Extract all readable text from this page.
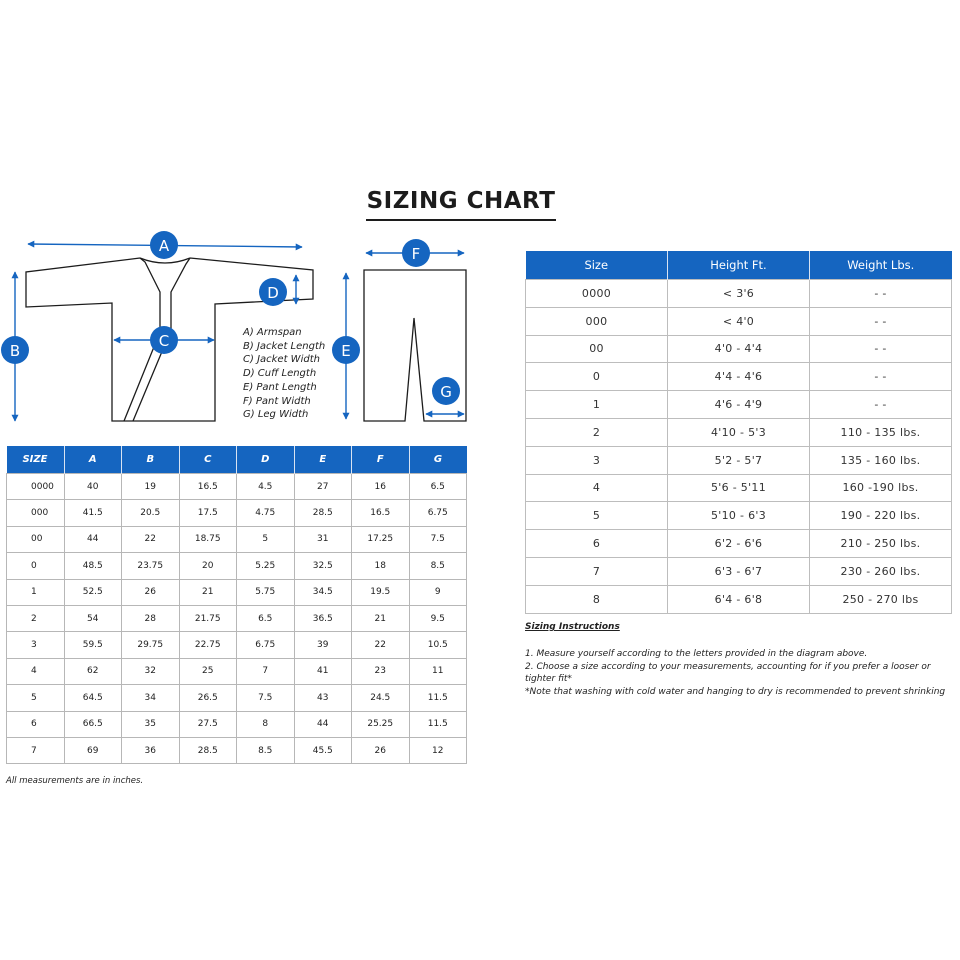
SIZING CHART
A
B
C
D
E
F
G
A) Armspan
B) Jacket Length
C) Jacket Width
D) Cuff Length
E) Pant Length
F) Pant Width
G) Leg Width
SIZE	A	B	C	D	E	F	G
0000	40	19	16.5	4.5	27	16	6.5
000	41.5	20.5	17.5	4.75	28.5	16.5	6.75
00	44	22	18.75	5	31	17.25	7.5
0	48.5	23.75	20	5.25	32.5	18	8.5
1	52.5	26	21	5.75	34.5	19.5	9
2	54	28	21.75	6.5	36.5	21	9.5
3	59.5	29.75	22.75	6.75	39	22	10.5
4	62	32	25	7	41	23	11
5	64.5	34	26.5	7.5	43	24.5	11.5
6	66.5	35	27.5	8	44	25.25	11.5
7	69	36	28.5	8.5	45.5	26	12
All measurements are in inches.
Size	Height Ft.	Weight Lbs.
0000	< 3'6	- -
000	< 4'0	- -
00	4'0 - 4'4	- -
0	4'4 - 4'6	- -
1	4'6 - 4'9	- -
2	4'10 - 5'3	110 - 135 lbs.
3	5'2 - 5'7	135 - 160 lbs.
4	5'6 - 5'11	160 -190 lbs.
5	5'10 - 6'3	190 - 220 lbs.
6	6'2 - 6'6	210 - 250 lbs.
7	6'3 - 6'7	230 - 260 lbs.
8	6'4 - 6'8	250 - 270 lbs
Sizing Instructions
1. Measure yourself according to the letters provided in the diagram above.
2. Choose a size according to your measurements, accounting for if you prefer a looser or tighter fit*
*Note that washing with cold water and hanging to dry is recommended to prevent shrinking
